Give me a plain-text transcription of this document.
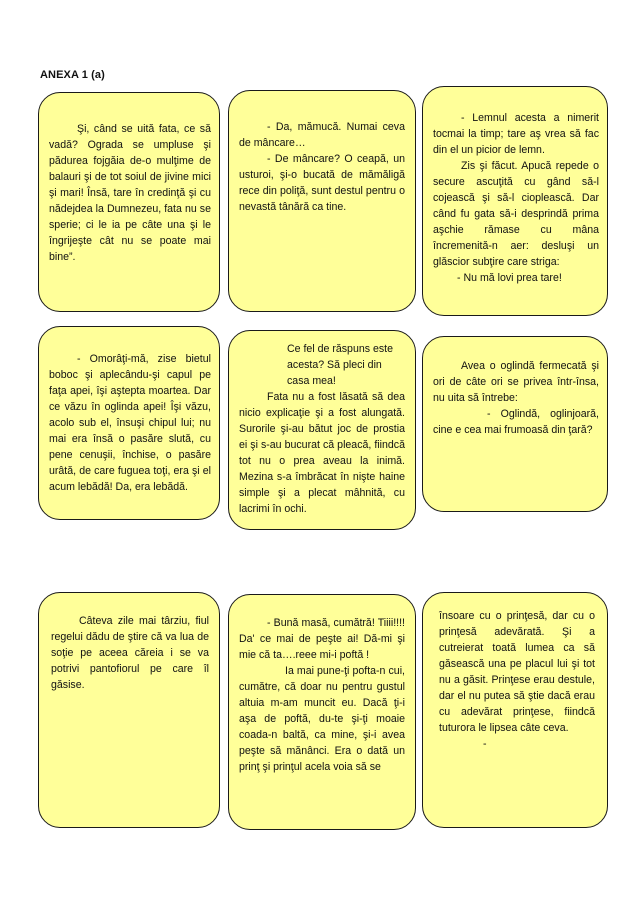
ANEXA 1 (a)

Şi, când se uită fata, ce să vadă? Ograda se umpluse şi pădurea fojgăia de-o mulţime de balauri şi de tot soiul de jivine mici şi mari! Însă, tare în credinţă şi cu nădejdea la Dumnezeu, fata nu se sperie; ci le ia pe câte una şi le îngrijeşte cât nu se poate mai bine”.

- Da, mămucă. Numai ceva de mâncare…

- De mâncare? O ceapă, un usturoi, şi-o bucată de mămăligă rece din poliţă, sunt destul pentru o nevastă tânără ca tine.

- Lemnul acesta a nimerit tocmai la timp; tare aş vrea să fac din el un picior de lemn.

Zis şi făcut. Apucă repede o secure ascuţită cu gând să-l cojească şi să-l cioplească. Dar când fu gata să-i desprindă prima aşchie rămase cu mâna încremenită-n aer: desluşi un glăscior subţire care striga:

- Nu mă lovi prea tare!

- Omorâţi-mă, zise bietul boboc şi aplecându-şi capul pe faţa apei, îşi aştepta moartea. Dar ce văzu în oglinda apei! Îşi văzu, acolo sub el, însuşi chipul lui; nu mai era însă o pasăre slută, cu pene cenuşii, închise, o pasăre urâtă, de care fuguea toţi, era şi el acum lebădă! Da, era lebădă.

Ce fel de răspuns este acesta? Să pleci din casa mea!

Fata nu a fost lăsată să dea nicio explicaţie şi a fost alungată. Surorile şi-au bătut joc de prostia ei şi s-au bucurat că pleacă, fiindcă tot nu o prea aveau la inimă. Mezina s-a îmbrăcat în nişte haine simple şi a plecat mâhnită, cu lacrimi în ochi.

Avea o oglindă fermecată şi ori de câte ori se privea într-însa, nu uita să întrebe:

- Oglindă, oglinjoară, cine e cea mai frumoasă din ţară?

Câteva zile mai târziu, fiul regelui dădu de ştire că va lua de soţie pe aceea căreia i se va potrivi pantofiorul pe care îl găsise.

- Bună masă, cumătră! Tiiii!!!! Da' ce mai de peşte ai! Dă-mi şi mie că ta….reee mi-i poftă !

Ia mai pune-ţi pofta-n cui, cumătre, că doar nu pentru gustul altuia m-am muncit eu. Dacă ţi-i aşa de poftă, du-te şi-ţi moaie coada-n baltă, ca mine, şi-i avea peşte să mănânci. Era o dată un prinţ şi prinţul acela voia să se

însoare cu o prinţesă, dar cu o prinţesă adevărată. Şi a cutreierat toată lumea ca să găsească una pe placul lui şi tot nu a găsit. Prinţese erau destule, dar el nu putea să ştie dacă erau cu adevărat prinţese, fiindcă tuturora le lipsea câte ceva.

-
